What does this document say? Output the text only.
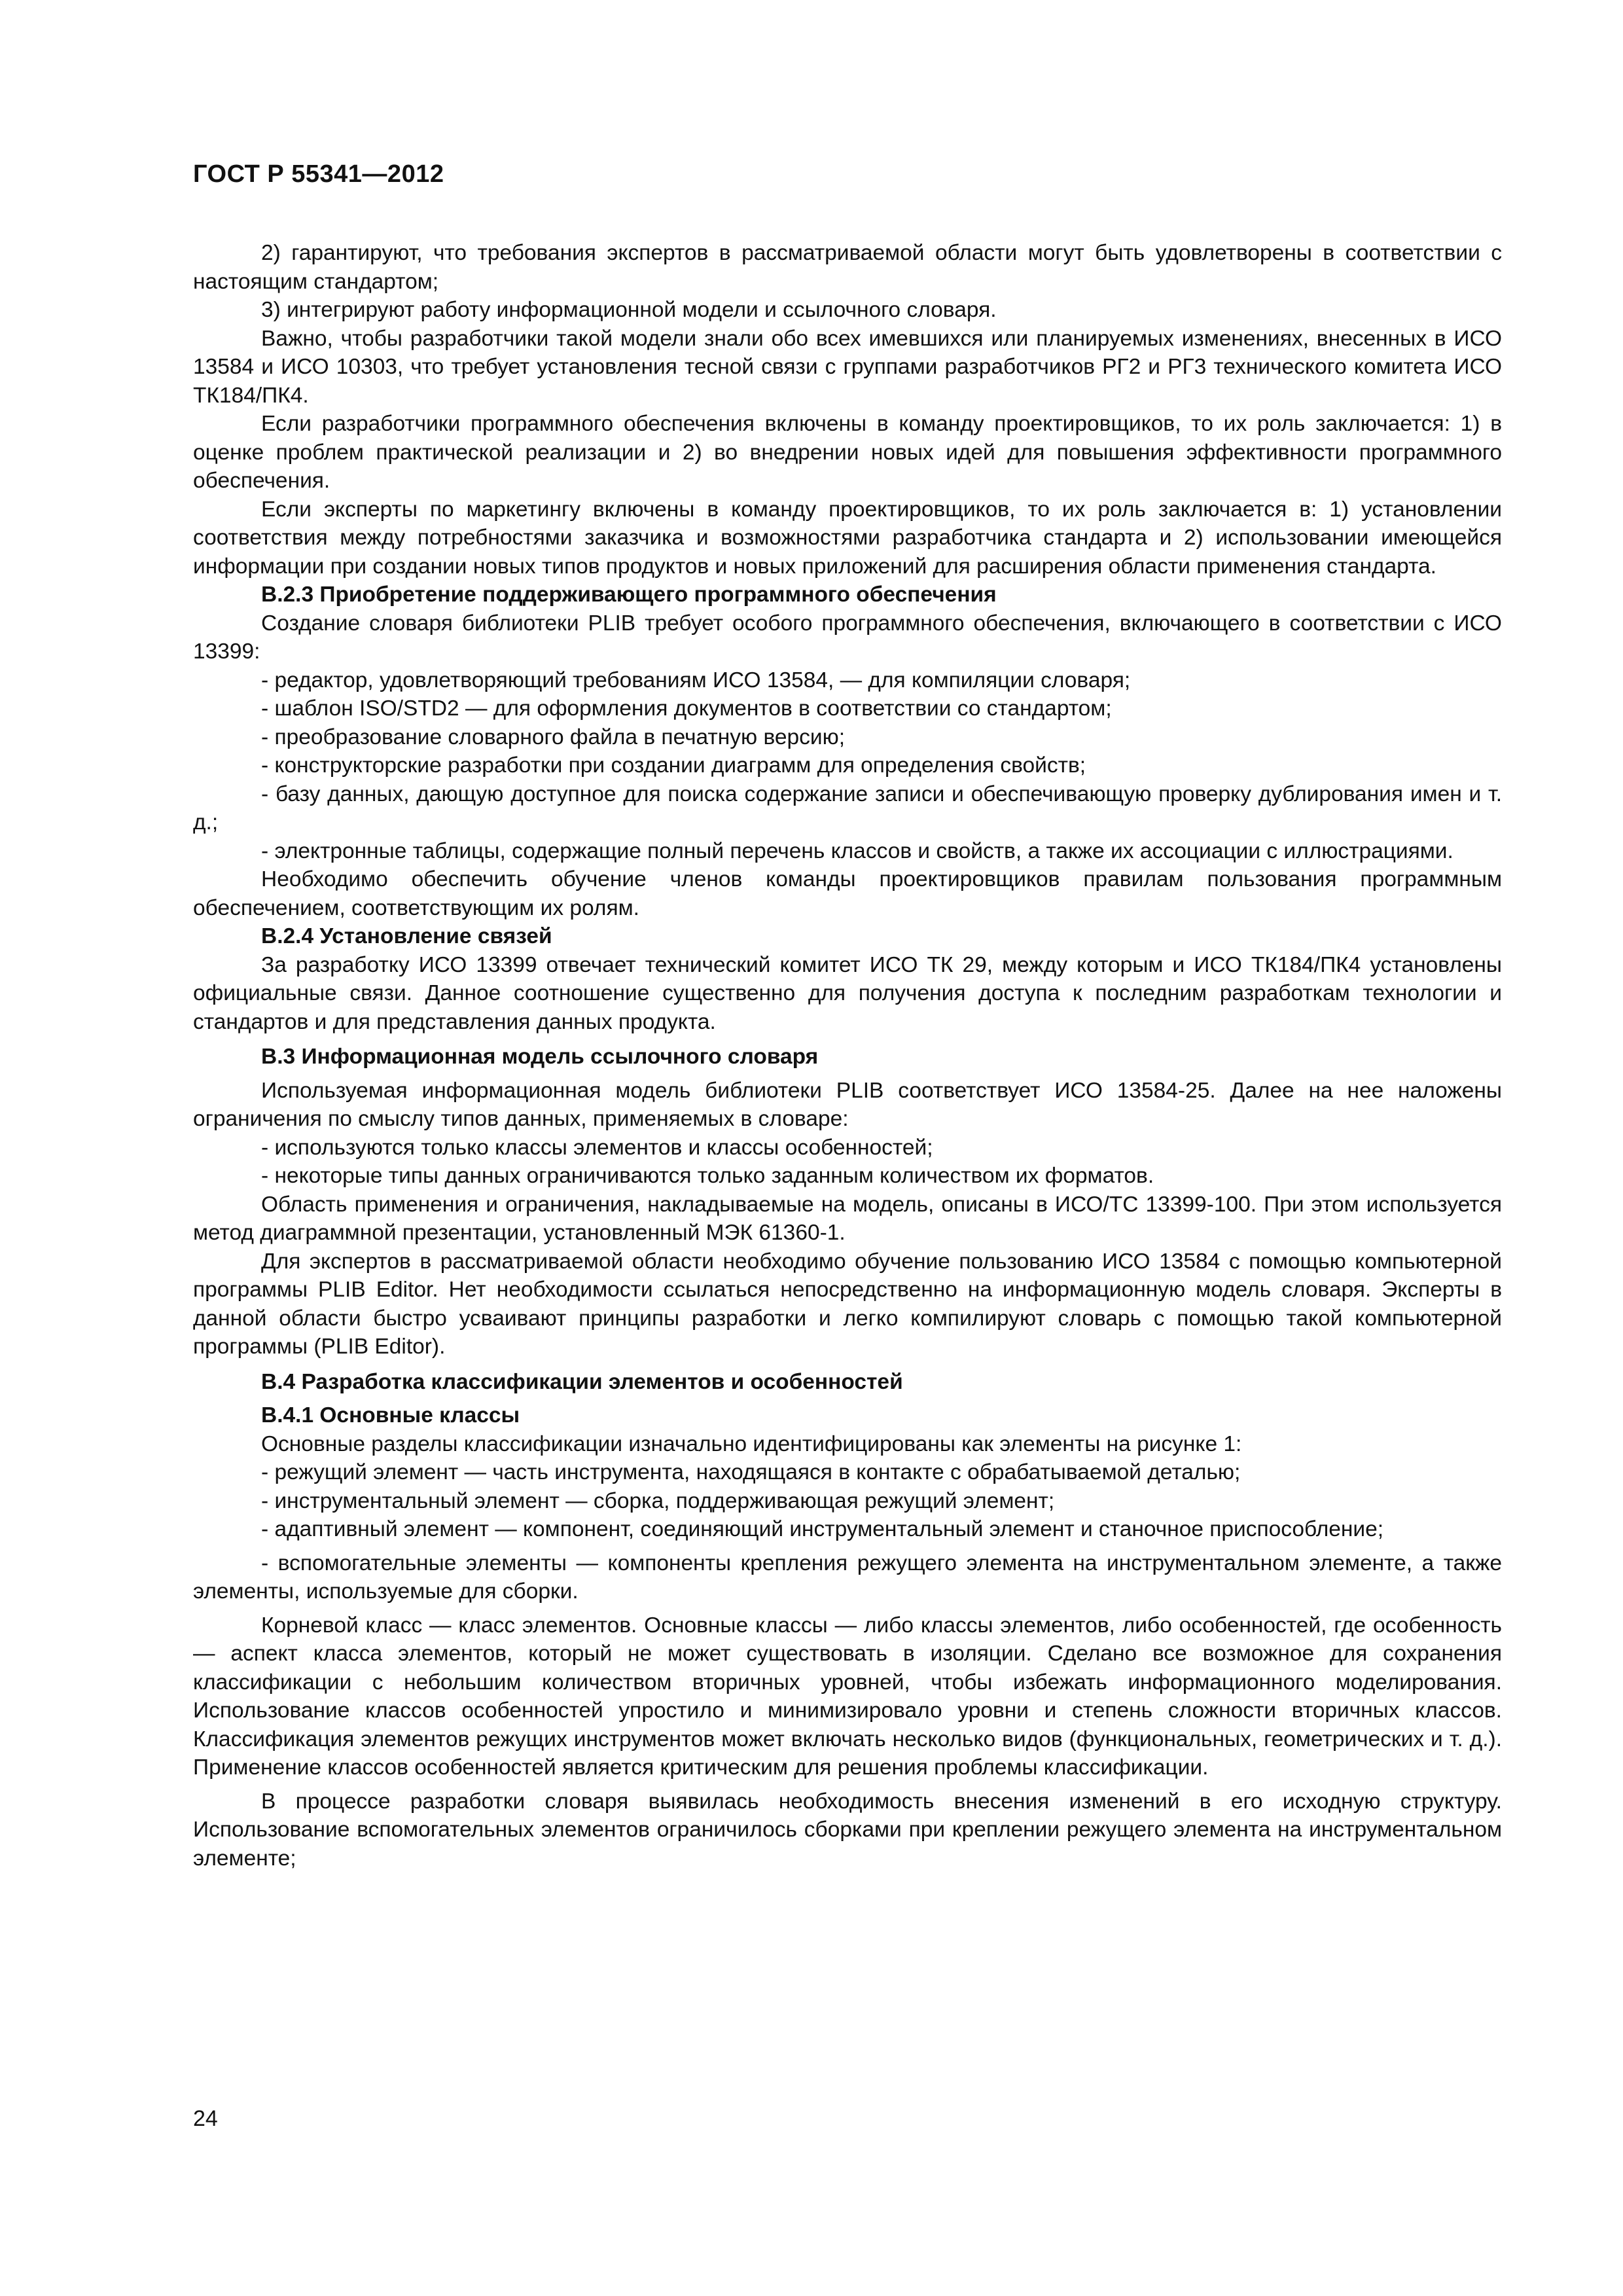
ГОСТ Р 55341—2012

2) гарантируют, что требования экспертов в рассматриваемой области могут быть удовлетворены в соответствии с настоящим стандартом;

3) интегрируют работу информационной модели и ссылочного словаря.

Важно, чтобы разработчики такой модели знали обо всех имевшихся или планируемых изменениях, внесенных в ИСО 13584 и ИСО 10303, что требует установления тесной связи с группами разработчиков РГ2 и РГ3 технического комитета ИСО ТК184/ПК4.

Если разработчики программного обеспечения включены в команду проектировщиков, то их роль заключается: 1) в оценке проблем практической реализации и 2) во внедрении новых идей для повышения эффективности программного обеспечения.

Если эксперты по маркетингу включены в команду проектировщиков, то их роль заключается в: 1) установлении соответствия между потребностями заказчика и возможностями разработчика стандарта и 2) использовании имеющейся информации при создании новых типов продуктов и новых приложений для расширения области применения стандарта.

В.2.3 Приобретение поддерживающего программного обеспечения

Создание словаря библиотеки PLIB требует особого программного обеспечения, включающего в соответствии с ИСО 13399:

- редактор, удовлетворяющий требованиям ИСО 13584, — для компиляции словаря;

- шаблон ISO/STD2 — для оформления документов в соответствии со стандартом;

- преобразование словарного файла в печатную версию;

- конструкторские разработки при создании диаграмм для определения свойств;

- базу данных, дающую доступное для поиска содержание записи и обеспечивающую проверку дублирования имен и т. д.;

- электронные таблицы, содержащие полный перечень классов и свойств, а также их ассоциации с иллюстрациями.

Необходимо обеспечить обучение членов команды проектировщиков правилам пользования программным обеспечением, соответствующим их ролям.

В.2.4 Установление связей

За разработку ИСО 13399 отвечает технический комитет ИСО ТК 29, между которым и ИСО ТК184/ПК4 установлены официальные связи. Данное соотношение существенно для получения доступа к последним разработкам технологии и стандартов и для представления данных продукта.

В.3 Информационная модель ссылочного словаря

Используемая информационная модель библиотеки PLIB соответствует ИСО 13584-25. Далее на нее наложены ограничения по смыслу типов данных, применяемых в словаре:

- используются только классы элементов и классы особенностей;

- некоторые типы данных ограничиваются только заданным количеством их форматов.

Область применения и ограничения, накладываемые на модель, описаны в ИСО/ТС 13399-100. При этом используется метод диаграммной презентации, установленный МЭК 61360-1.

Для экспертов в рассматриваемой области необходимо обучение пользованию ИСО 13584 с помощью компьютерной программы PLIB Editor. Нет необходимости ссылаться непосредственно на информационную модель словаря. Эксперты в данной области быстро усваивают принципы разработки и легко компилируют словарь с помощью такой компьютерной программы (PLIB Editor).

В.4 Разработка классификации элементов и особенностей
В.4.1 Основные классы

Основные разделы классификации изначально идентифицированы как элементы на рисунке 1:

- режущий элемент — часть инструмента, находящаяся в контакте с обрабатываемой деталью;

- инструментальный элемент — сборка, поддерживающая режущий элемент;

- адаптивный элемент — компонент, соединяющий инструментальный элемент и станочное приспособление;

- вспомогательные элементы — компоненты крепления режущего элемента на инструментальном элементе, а также элементы, используемые для сборки.

Корневой класс — класс элементов. Основные классы — либо классы элементов, либо особенностей, где особенность — аспект класса элементов, который не может существовать в изоляции. Сделано все возможное для сохранения классификации с небольшим количеством вторичных уровней, чтобы избежать информационного моделирования. Использование классов особенностей упростило и минимизировало уровни и степень сложности вторичных классов. Классификация элементов режущих инструментов может включать несколько видов (функциональных, геометрических и т. д.). Применение классов особенностей является критическим для решения проблемы классификации.

В процессе разработки словаря выявилась необходимость внесения изменений в его исходную структуру. Использование вспомогательных элементов ограничилось сборками при креплении режущего элемента на инструментальном элементе;

24
